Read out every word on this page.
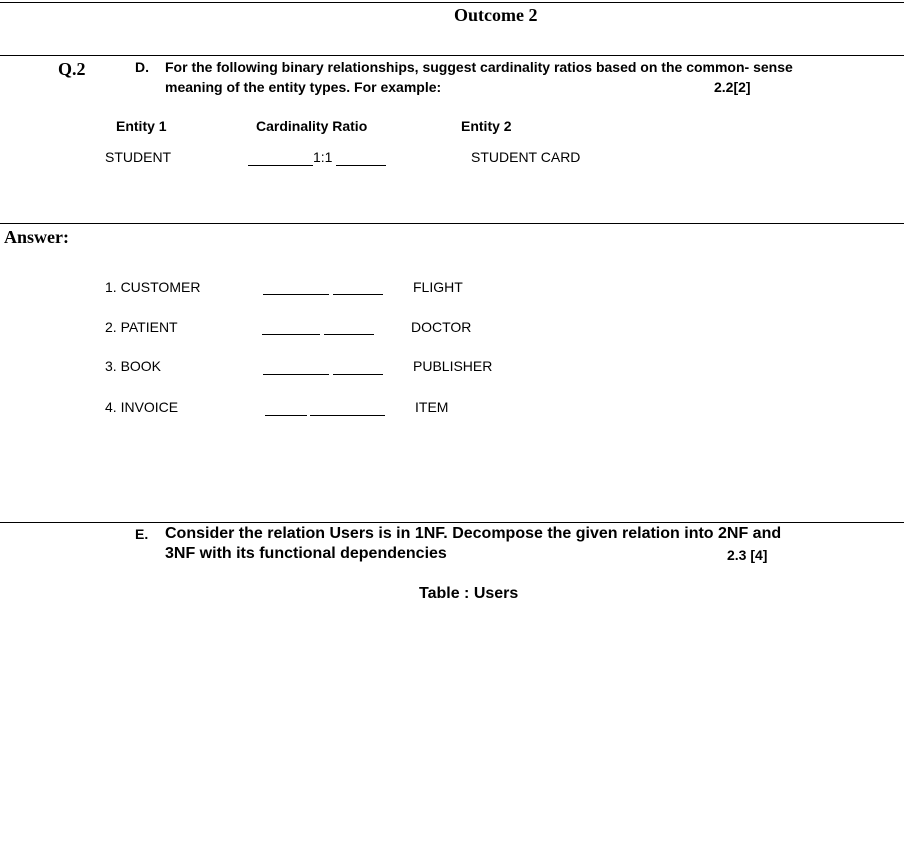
Outcome 2
Q.2	D. For the following binary relationships, suggest cardinality ratios based on the common- sense
meaning of the entity types. For example:	2.2[2]
Entity 1	Cardinality Ratio	Entity 2
STUDENT	1:1	STUDENT CARD
Answer:
1. CUSTOMER	FLIGHT
2. PATIENT	DOCTOR
3. BOOK	PUBLISHER
4. INVOICE	ITEM
E. Consider the relation Users is in 1NF. Decompose the given relation into 2NF and
3NF with its functional dependencies	2.3 [4]
Table : Users
